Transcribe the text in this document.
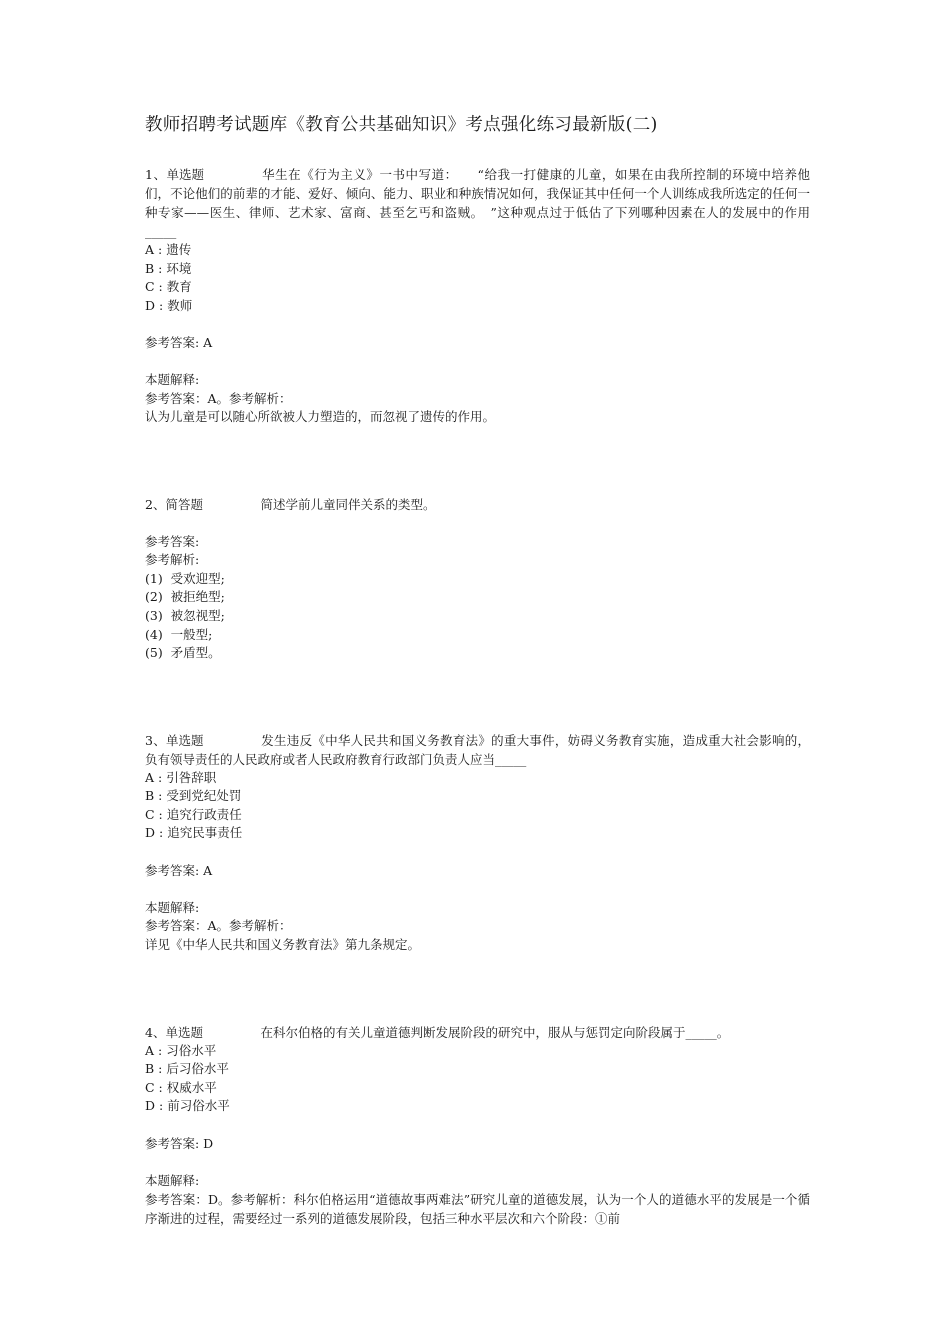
教师招聘考试题库《教育公共基础知识》考点强化练习最新版(二)
1、单选题	华生在《行为主义》一书中写道：　　“给我一打健康的儿童，如果在由我所控制的环境中培养他们，不论他们的前辈的才能、爱好、倾向、能力、职业和种族情况如何，我保证其中任何一个人训练成我所选定的任何一种专家——医生、律师、艺术家、富商、甚至乞丐和盗贼。　”这种观点过于低估了下列哪种因素在人的发展中的作用_____
A : 遗传
B : 环境
C : 教育
D : 教师
参考答案: A
本题解释:
参考答案：A。参考解析：
认为儿童是可以随心所欲被人力塑造的，而忽视了遗传的作用。
2、简答题	简述学前儿童同伴关系的类型。
参考答案:
参考解析:
(1)  受欢迎型;
(2)  被拒绝型;
(3)  被忽视型;
(4)  一般型;
(5)  矛盾型。
3、单选题	发生违反《中华人民共和国义务教育法》的重大事件，妨碍义务教育实施，造成重大社会影响的，负有领导责任的人民政府或者人民政府教育行政部门负责人应当_____
A : 引咎辞职
B : 受到党纪处罚
C : 追究行政责任
D : 追究民事责任
参考答案: A
本题解释:
参考答案：A。参考解析：
详见《中华人民共和国义务教育法》第九条规定。
4、单选题	在科尔伯格的有关儿童道德判断发展阶段的研究中，服从与惩罚定向阶段属于_____。
A : 习俗水平
B : 后习俗水平
C : 权威水平
D : 前习俗水平
参考答案: D
本题解释:
参考答案：D。参考解析：科尔伯格运用“道德故事两难法”研究儿童的道德发展，认为一个人的道德水平的发展是一个循序渐进的过程，需要经过一系列的道德发展阶段，包括三种水平层次和六个阶段：①前
